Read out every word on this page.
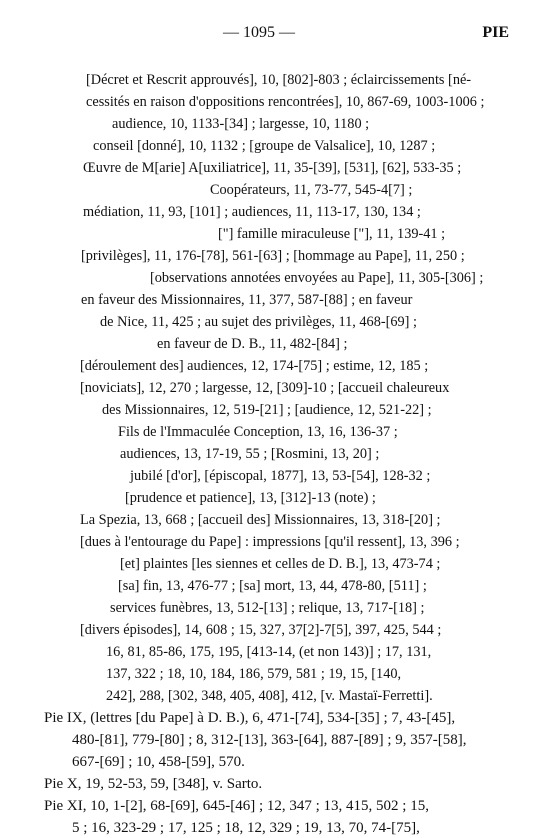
— 1095 —	PIE
[Décret et Rescrit approuvés], 10, [802]-803 ; éclaircissements [né-
cessités en raison d'oppositions rencontrées], 10, 867-69, 1003-1006 ;
audience, 10, 1133-[34] ; largesse, 10, 1180 ;
conseil [donné], 10, 1132 ; [groupe de Valsalice], 10, 1287 ;
Œuvre de M[arie] A[uxiliatrice], 11, 35-[39], [531], [62], 533-35 ;
Coopérateurs, 11, 73-77, 545-4[7] ;
médiation, 11, 93, [101] ; audiences, 11, 113-17, 130, 134 ;
["] famille miraculeuse ["], 11, 139-41 ;
[privilèges], 11, 176-[78], 561-[63] ; [hommage au Pape], 11, 250 ;
[observations annotées envoyées au Pape], 11, 305-[306] ;
en faveur des Missionnaires, 11, 377, 587-[88] ; en faveur
de Nice, 11, 425 ; au sujet des privilèges, 11, 468-[69] ;
en faveur de D. B., 11, 482-[84] ;
[déroulement des] audiences, 12, 174-[75] ; estime, 12, 185 ;
[noviciats], 12, 270 ; largesse, 12, [309]-10 ; [accueil chaleureux
des Missionnaires, 12, 519-[21] ; [audience, 12, 521-22] ;
Fils de l'Immaculée Conception, 13, 16, 136-37 ;
audiences, 13, 17-19, 55 ; [Rosmini, 13, 20] ;
jubilé [d'or], [épiscopal, 1877], 13, 53-[54], 128-32 ;
[prudence et patience], 13, [312]-13 (note) ;
La Spezia, 13, 668 ; [accueil des] Missionnaires, 13, 318-[20] ;
[dues à l'entourage du Pape] : impressions [qu'il ressent], 13, 396 ;
[et] plaintes [les siennes et celles de D. B.], 13, 473-74 ;
[sa] fin, 13, 476-77 ; [sa] mort, 13, 44, 478-80, [511] ;
services funèbres, 13, 512-[13] ; relique, 13, 717-[18] ;
[divers épisodes], 14, 608 ; 15, 327, 37[2]-7[5], 397, 425, 544 ;
16, 81, 85-86, 175, 195, [413-14, (et non 143)] ; 17, 131,
137, 322 ; 18, 10, 184, 186, 579, 581 ; 19, 15, [140,
242], 288, [302, 348, 405, 408], 412, [v. Mastaï-Ferretti].
Pie IX, (lettres [du Pape] à D. B.), 6, 471-[74], 534-[35] ; 7, 43-[45],
480-[81], 779-[80] ; 8, 312-[13], 363-[64], 887-[89] ; 9, 357-[58],
667-[69] ; 10, 458-[59], 570.
Pie X, 19, 52-53, 59, [348], v. Sarto.
Pie XI, 10, 1-[2], 68-[69], 645-[46] ; 12, 347 ; 13, 415, 502 ; 15,
5 ; 16, 323-29 ; 17, 125 ; 18, 12, 329 ; 19, 13, 70, 74-[75],
